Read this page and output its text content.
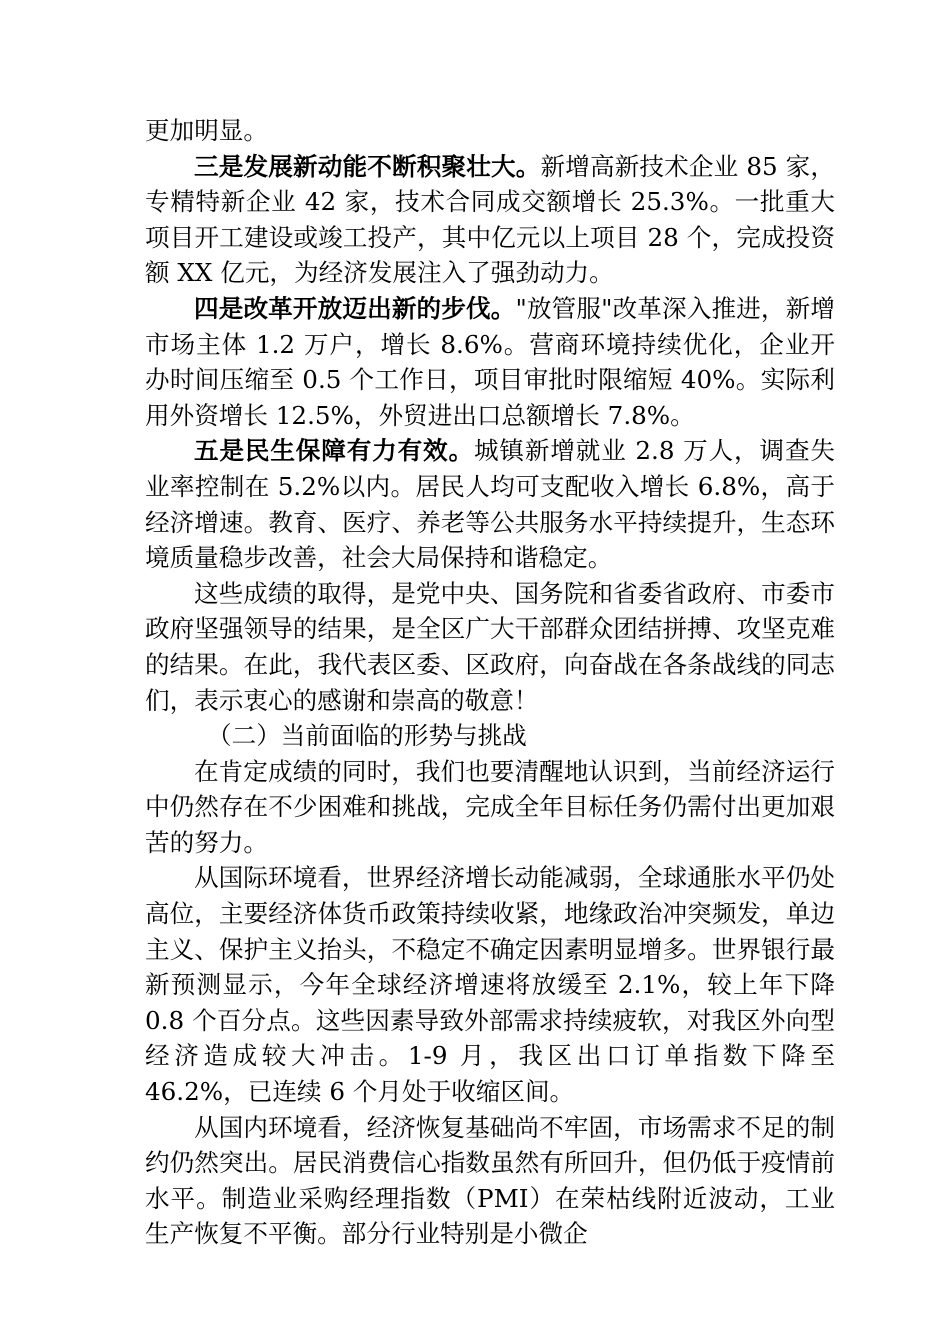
更加明显。

三是发展新动能不断积聚壮大。新增高新技术企业 85 家，专精特新企业 42 家，技术合同成交额增长 25.3%。一批重大项目开工建设或竣工投产，其中亿元以上项目 28 个，完成投资额 XX 亿元，为经济发展注入了强劲动力。

四是改革开放迈出新的步伐。"放管服"改革深入推进，新增市场主体 1.2 万户，增长 8.6%。营商环境持续优化，企业开办时间压缩至 0.5 个工作日，项目审批时限缩短 40%。实际利用外资增长 12.5%，外贸进出口总额增长 7.8%。

五是民生保障有力有效。城镇新增就业 2.8 万人，调查失业率控制在 5.2%以内。居民人均可支配收入增长 6.8%，高于经济增速。教育、医疗、养老等公共服务水平持续提升，生态环境质量稳步改善，社会大局保持和谐稳定。

这些成绩的取得，是党中央、国务院和省委省政府、市委市政府坚强领导的结果，是全区广大干部群众团结拼搏、攻坚克难的结果。在此，我代表区委、区政府，向奋战在各条战线的同志们，表示衷心的感谢和崇高的敬意！

（二）当前面临的形势与挑战

在肯定成绩的同时，我们也要清醒地认识到，当前经济运行中仍然存在不少困难和挑战，完成全年目标任务仍需付出更加艰苦的努力。

从国际环境看，世界经济增长动能减弱，全球通胀水平仍处高位，主要经济体货币政策持续收紧，地缘政治冲突频发，单边主义、保护主义抬头，不稳定不确定因素明显增多。世界银行最新预测显示，今年全球经济增速将放缓至 2.1%，较上年下降 0.8 个百分点。这些因素导致外部需求持续疲软，对我区外向型经济造成较大冲击。1-9 月，我区出口订单指数下降至 46.2%，已连续 6 个月处于收缩区间。

从国内环境看，经济恢复基础尚不牢固，市场需求不足的制约仍然突出。居民消费信心指数虽然有所回升，但仍低于疫情前水平。制造业采购经理指数（PMI）在荣枯线附近波动，工业生产恢复不平衡。部分行业特别是小微企
